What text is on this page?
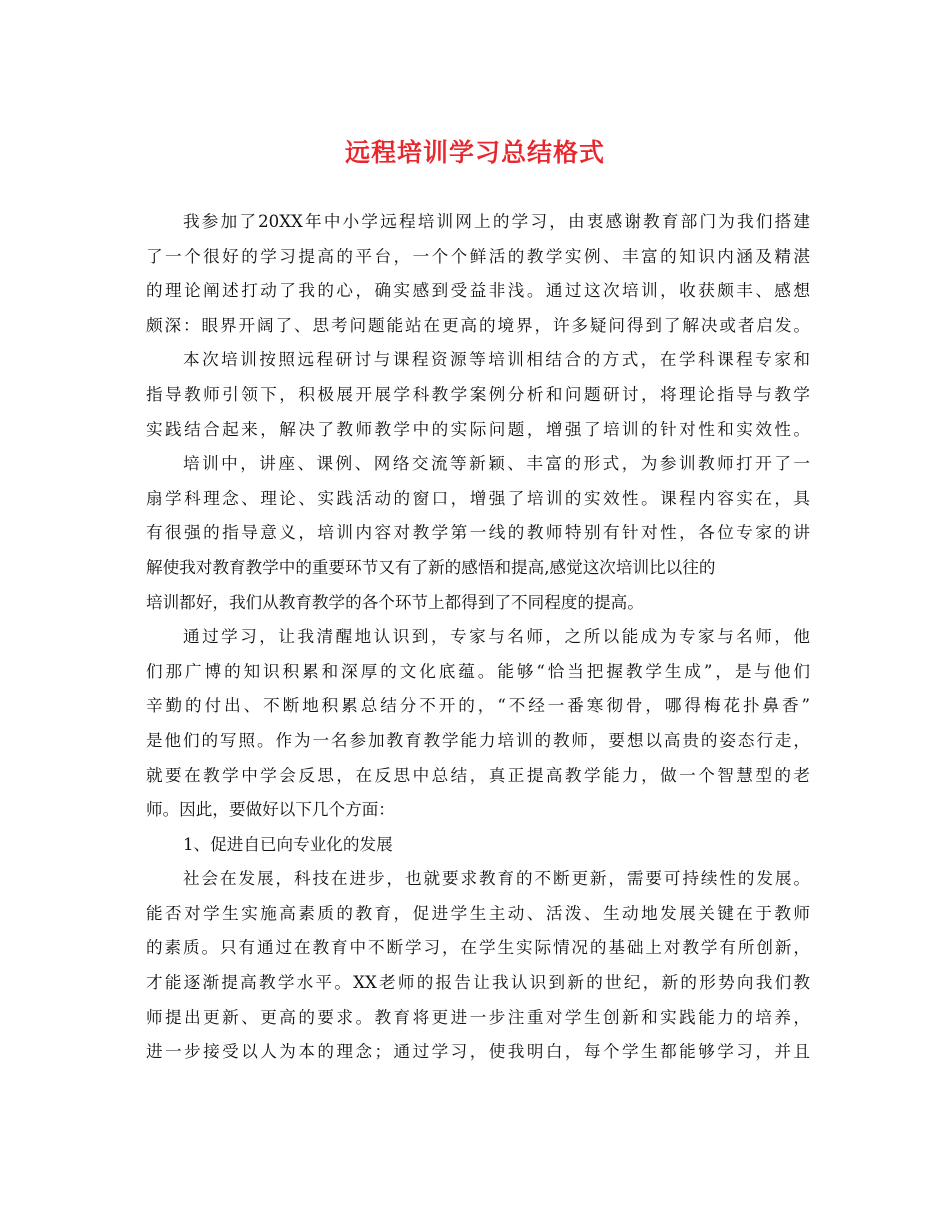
远程培训学习总结格式
我参加了20XX年中小学远程培训网上的学习，由衷感谢教育部门为我们搭建
了一个很好的学习提高的平台，一个个鲜活的教学实例、丰富的知识内涵及精湛
的理论阐述打动了我的心，确实感到受益非浅。通过这次培训，收获颇丰、感想
颇深：眼界开阔了、思考问题能站在更高的境界，许多疑问得到了解决或者启发。
本次培训按照远程研讨与课程资源等培训相结合的方式，在学科课程专家和
指导教师引领下，积极展开展学科教学案例分析和问题研讨，将理论指导与教学
实践结合起来，解决了教师教学中的实际问题，增强了培训的针对性和实效性。
培训中，讲座、课例、网络交流等新颖、丰富的形式，为参训教师打开了一
扇学科理念、理论、实践活动的窗口，增强了培训的实效性。课程内容实在，具
有很强的指导意义，培训内容对教学第一线的教师特别有针对性，各位专家的讲
解使我对教育教学中的重要环节又有了新的感悟和提高,感觉这次培训比以往的
培训都好，我们从教育教学的各个环节上都得到了不同程度的提高。
通过学习，让我清醒地认识到，专家与名师，之所以能成为专家与名师，他
们那广博的知识积累和深厚的文化底蕴。能够“恰当把握教学生成”，是与他们
辛勤的付出、不断地积累总结分不开的，“不经一番寒彻骨，哪得梅花扑鼻香”
是他们的写照。作为一名参加教育教学能力培训的教师，要想以高贵的姿态行走，
就要在教学中学会反思，在反思中总结，真正提高教学能力，做一个智慧型的老
师。因此，要做好以下几个方面：
1、促进自已向专业化的发展
社会在发展，科技在进步，也就要求教育的不断更新，需要可持续性的发展。
能否对学生实施高素质的教育，促进学生主动、活泼、生动地发展关键在于教师
的素质。只有通过在教育中不断学习，在学生实际情况的基础上对教学有所创新，
才能逐渐提高教学水平。XX老师的报告让我认识到新的世纪，新的形势向我们教
师提出更新、更高的要求。教育将更进一步注重对学生创新和实践能力的培养，
进一步接受以人为本的理念；通过学习，使我明白，每个学生都能够学习，并且
